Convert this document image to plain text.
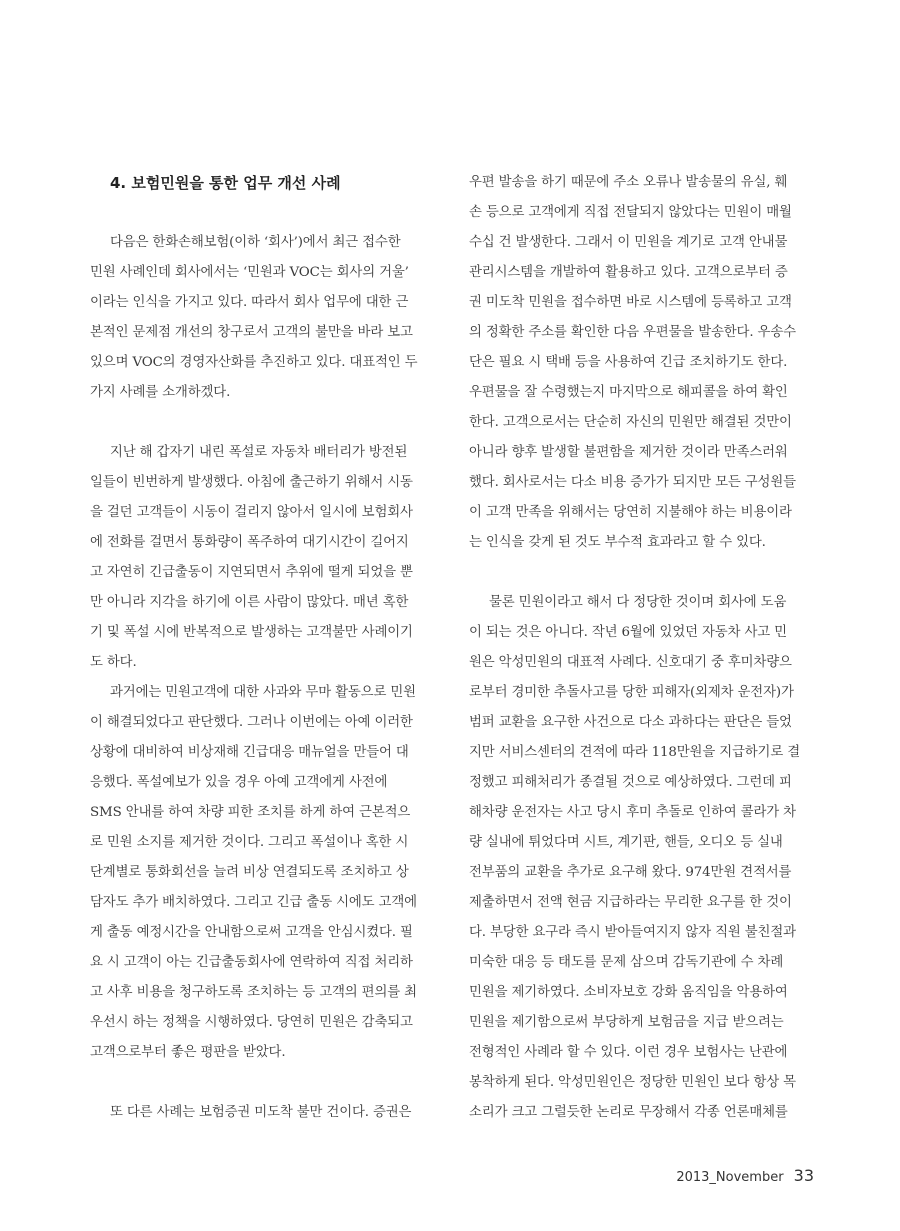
4. 보험민원을 통한 업무 개선 사례
다음은 한화손해보험(이하 ‘회사’)에서 최근 접수한
민원 사례인데 회사에서는 ‘민원과 VOC는 회사의 거울’
이라는 인식을 가지고 있다. 따라서 회사 업무에 대한 근
본적인 문제점 개선의 창구로서 고객의 불만을 바라 보고
있으며 VOC의 경영자산화를 추진하고 있다. 대표적인 두
가지 사례를 소개하겠다.
지난 해 갑자기 내린 폭설로 자동차 배터리가 방전된
일들이 빈번하게 발생했다. 아침에 출근하기 위해서 시동
을 걸던 고객들이 시동이 걸리지 않아서 일시에 보험회사
에 전화를 걸면서 통화량이 폭주하여 대기시간이 길어지
고 자연히 긴급출동이 지연되면서 추위에 떨게 되었을 뿐
만 아니라 지각을 하기에 이른 사람이 많았다. 매년 혹한
기 및 폭설 시에 반복적으로 발생하는 고객불만 사례이기
도 하다.
과거에는 민원고객에 대한 사과와 무마 활동으로 민원
이 해결되었다고 판단했다. 그러나 이번에는 아예 이러한
상황에 대비하여 비상재해 긴급대응 매뉴얼을 만들어 대
응했다. 폭설예보가 있을 경우 아예 고객에게 사전에
SMS 안내를 하여 차량 피한 조치를 하게 하여 근본적으
로 민원 소지를 제거한 것이다. 그리고 폭설이나 혹한 시
단계별로 통화회선을 늘려 비상 연결되도록 조치하고 상
담자도 추가 배치하였다. 그리고 긴급 출동 시에도 고객에
게 출동 예정시간을 안내함으로써 고객을 안심시켰다. 필
요 시 고객이 아는 긴급출동회사에 연락하여 직접 처리하
고 사후 비용을 청구하도록 조치하는 등 고객의 편의를 최
우선시 하는 정책을 시행하였다. 당연히 민원은 감축되고
고객으로부터 좋은 평판을 받았다.
또 다른 사례는 보험증권 미도착 불만 건이다. 증권은
우편 발송을 하기 때문에 주소 오류나 발송물의 유실, 훼
손 등으로 고객에게 직접 전달되지 않았다는 민원이 매월
수십 건 발생한다. 그래서 이 민원을 계기로 고객 안내물
관리시스템을 개발하여 활용하고 있다. 고객으로부터 증
권 미도착 민원을 접수하면 바로 시스템에 등록하고 고객
의 정확한 주소를 확인한 다음 우편물을 발송한다. 우송수
단은 필요 시 택배 등을 사용하여 긴급 조치하기도 한다.
우편물을 잘 수령했는지 마지막으로 해피콜을 하여 확인
한다. 고객으로서는 단순히 자신의 민원만 해결된 것만이
아니라 향후 발생할 불편함을 제거한 것이라 만족스러워
했다. 회사로서는 다소 비용 증가가 되지만 모든 구성원들
이 고객 만족을 위해서는 당연히 지불해야 하는 비용이라
는 인식을 갖게 된 것도 부수적 효과라고 할 수 있다.
물론 민원이라고 해서 다 정당한 것이며 회사에 도움
이 되는 것은 아니다. 작년 6월에 있었던 자동차 사고 민
원은 악성민원의 대표적 사례다. 신호대기 중 후미차량으
로부터 경미한 추돌사고를 당한 피해자(외제차 운전자)가
범퍼 교환을 요구한 사건으로 다소 과하다는 판단은 들었
지만 서비스센터의 견적에 따라 118만원을 지급하기로 결
정했고 피해처리가 종결될 것으로 예상하였다. 그런데 피
해차량 운전자는 사고 당시 후미 추돌로 인하여 콜라가 차
량 실내에 튀었다며 시트, 계기판, 핸들, 오디오 등 실내
전부품의 교환을 추가로 요구해 왔다. 974만원 견적서를
제출하면서 전액 현금 지급하라는 무리한 요구를 한 것이
다. 부당한 요구라 즉시 받아들여지지 않자 직원 불친절과
미숙한 대응 등 태도를 문제 삼으며 감독기관에 수 차례
민원을 제기하였다. 소비자보호 강화 움직임을 악용하여
민원을 제기함으로써 부당하게 보험금을 지급 받으려는
전형적인 사례라 할 수 있다. 이런 경우 보험사는 난관에
봉착하게 된다. 악성민원인은 정당한 민원인 보다 항상 목
소리가 크고 그럴듯한 논리로 무장해서 각종 언론매체를
2013_November 33
